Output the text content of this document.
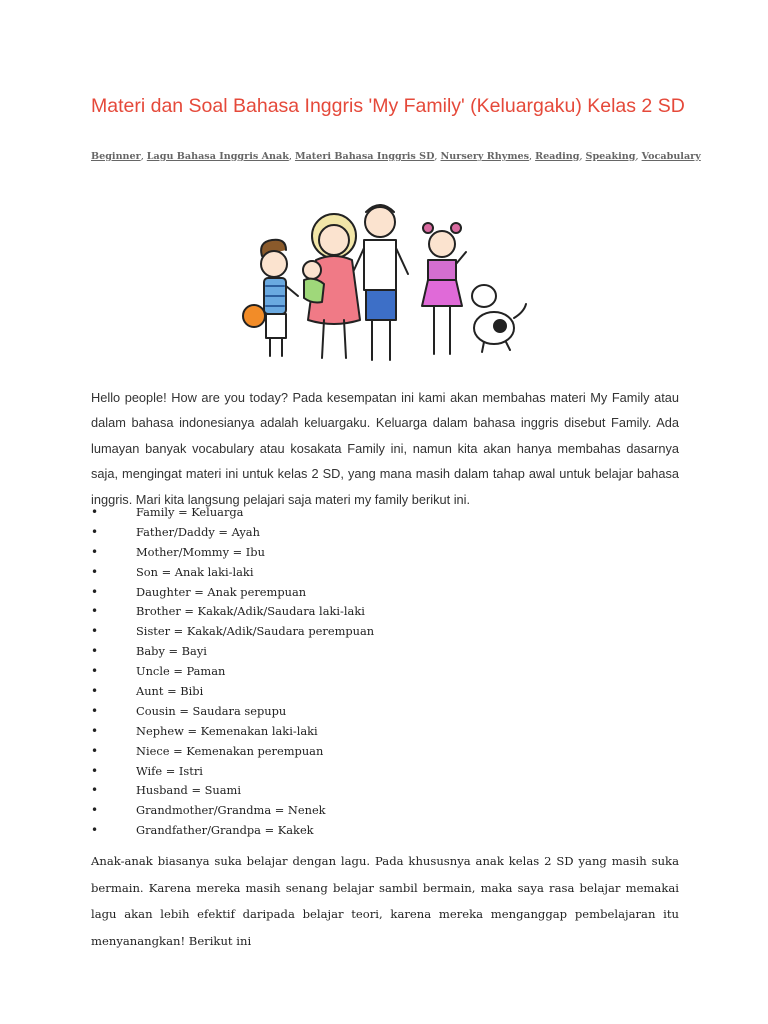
Materi dan Soal Bahasa Inggris 'My Family' (Keluargaku) Kelas 2 SD
Beginner, Lagu Bahasa Inggris Anak, Materi Bahasa Inggris SD, Nursery Rhymes, Reading, Speaking, Vocabulary

Hello people! How are you today? Pada kesempatan ini kami akan membahas materi My Family atau dalam bahasa indonesianya adalah keluargaku. Keluarga dalam bahasa inggris disebut Family. Ada lumayan banyak vocabulary atau kosakata Family ini, namun kita akan hanya membahas dasarnya saja, mengingat materi ini untuk kelas 2 SD, yang mana masih dalam tahap awal untuk belajar bahasa inggris. Mari kita langsung pelajari saja materi my family berikut ini.

•	Family = Keluarga
•	Father/Daddy = Ayah
•	Mother/Mommy = Ibu
•	Son = Anak laki-laki
•	Daughter = Anak perempuan
•	Brother = Kakak/Adik/Saudara laki-laki
•	Sister = Kakak/Adik/Saudara perempuan
•	Baby = Bayi
•	Uncle = Paman
•	Aunt = Bibi
•	Cousin = Saudara sepupu
•	Nephew = Kemenakan laki-laki
•	Niece = Kemenakan perempuan
•	Wife = Istri
•	Husband = Suami
•	Grandmother/Grandma = Nenek
•	Grandfather/Grandpa = Kakek

Anak-anak biasanya suka belajar dengan lagu. Pada khususnya anak kelas 2 SD yang masih suka bermain. Karena mereka masih senang belajar sambil bermain, maka saya rasa belajar memakai lagu akan lebih efektif daripada belajar teori, karena mereka menganggap pembelajaran itu menyanangkan! Berikut ini
